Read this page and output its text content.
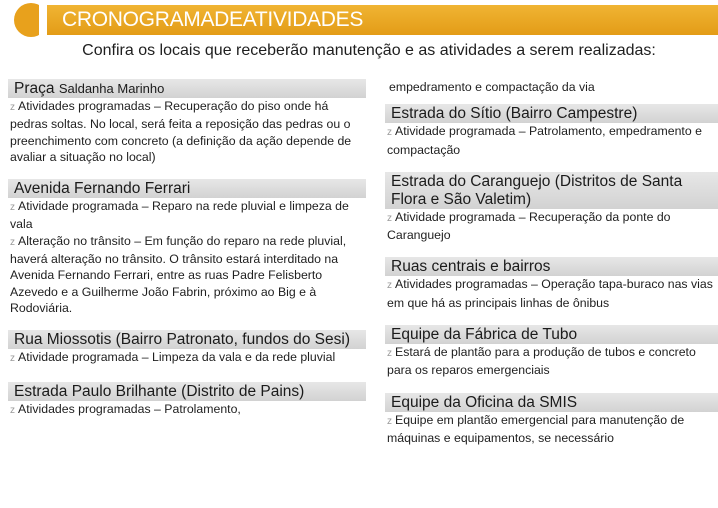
CRONOGRAMADEATIVIDADES
Confira os locais que receberão manutenção e as atividades a serem realizadas:
Praça Saldanha Marinho
z Atividades programadas – Recuperação do piso onde há pedras soltas. No local, será feita a reposição das pedras ou o preenchimento com concreto (a definição da ação depende de avaliar a situação no local)
Avenida Fernando Ferrari
z Atividade programada – Reparo na rede pluvial e limpeza de vala
z Alteração no trânsito – Em função do reparo na rede pluvial, haverá alteração no trânsito. O trânsito estará interditado na Avenida Fernando Ferrari, entre as ruas Padre Felisberto Azevedo e a Guilherme João Fabrin, próximo ao Big e à Rodoviária.
Rua Miossotis (Bairro Patronato, fundos do Sesi)
z Atividade programada – Limpeza da vala e da rede pluvial
Estrada Paulo Brilhante (Distrito de Pains)
z Atividades programadas – Patrolamento,
empedramento e compactação da via
Estrada do Sítio (Bairro Campestre)
z Atividade programada – Patrolamento, empedramento e compactação
Estrada do Caranguejo (Distritos de Santa Flora e São Valetim)
z Atividade programada – Recuperação da ponte do Caranguejo
Ruas centrais e bairros
z Atividades programadas – Operação tapa-buraco nas vias em que há as principais linhas de ônibus
Equipe da Fábrica de Tubo
z Estará de plantão para a produção de tubos e concreto para os reparos emergenciais
Equipe da Oficina da SMIS
z Equipe em plantão emergencial para manutenção de máquinas e equipamentos, se necessário
